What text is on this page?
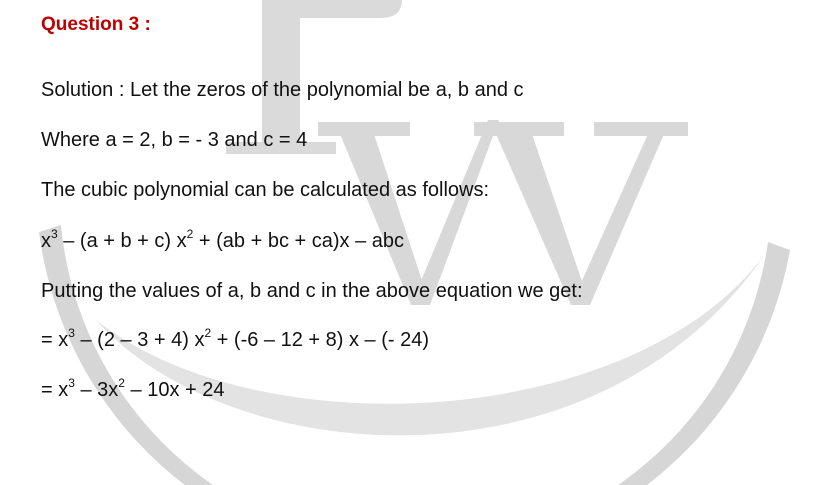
Question 3 :
Solution : Let the zeros of the polynomial be a, b and c
Where a = 2, b = - 3 and c = 4
The cubic polynomial can be calculated as follows:
$x^3 - (a + b + c) x^2 + (ab$ + bc + ca)x – abc
Putting the values of a, b and c in the above equation we get:
= $x^3 - (2 - 3 + 4) x^2 + (-6 - 12 + 8)$ x – (- 24)
= $x^3 - 3x^2 - 10x + 24$
